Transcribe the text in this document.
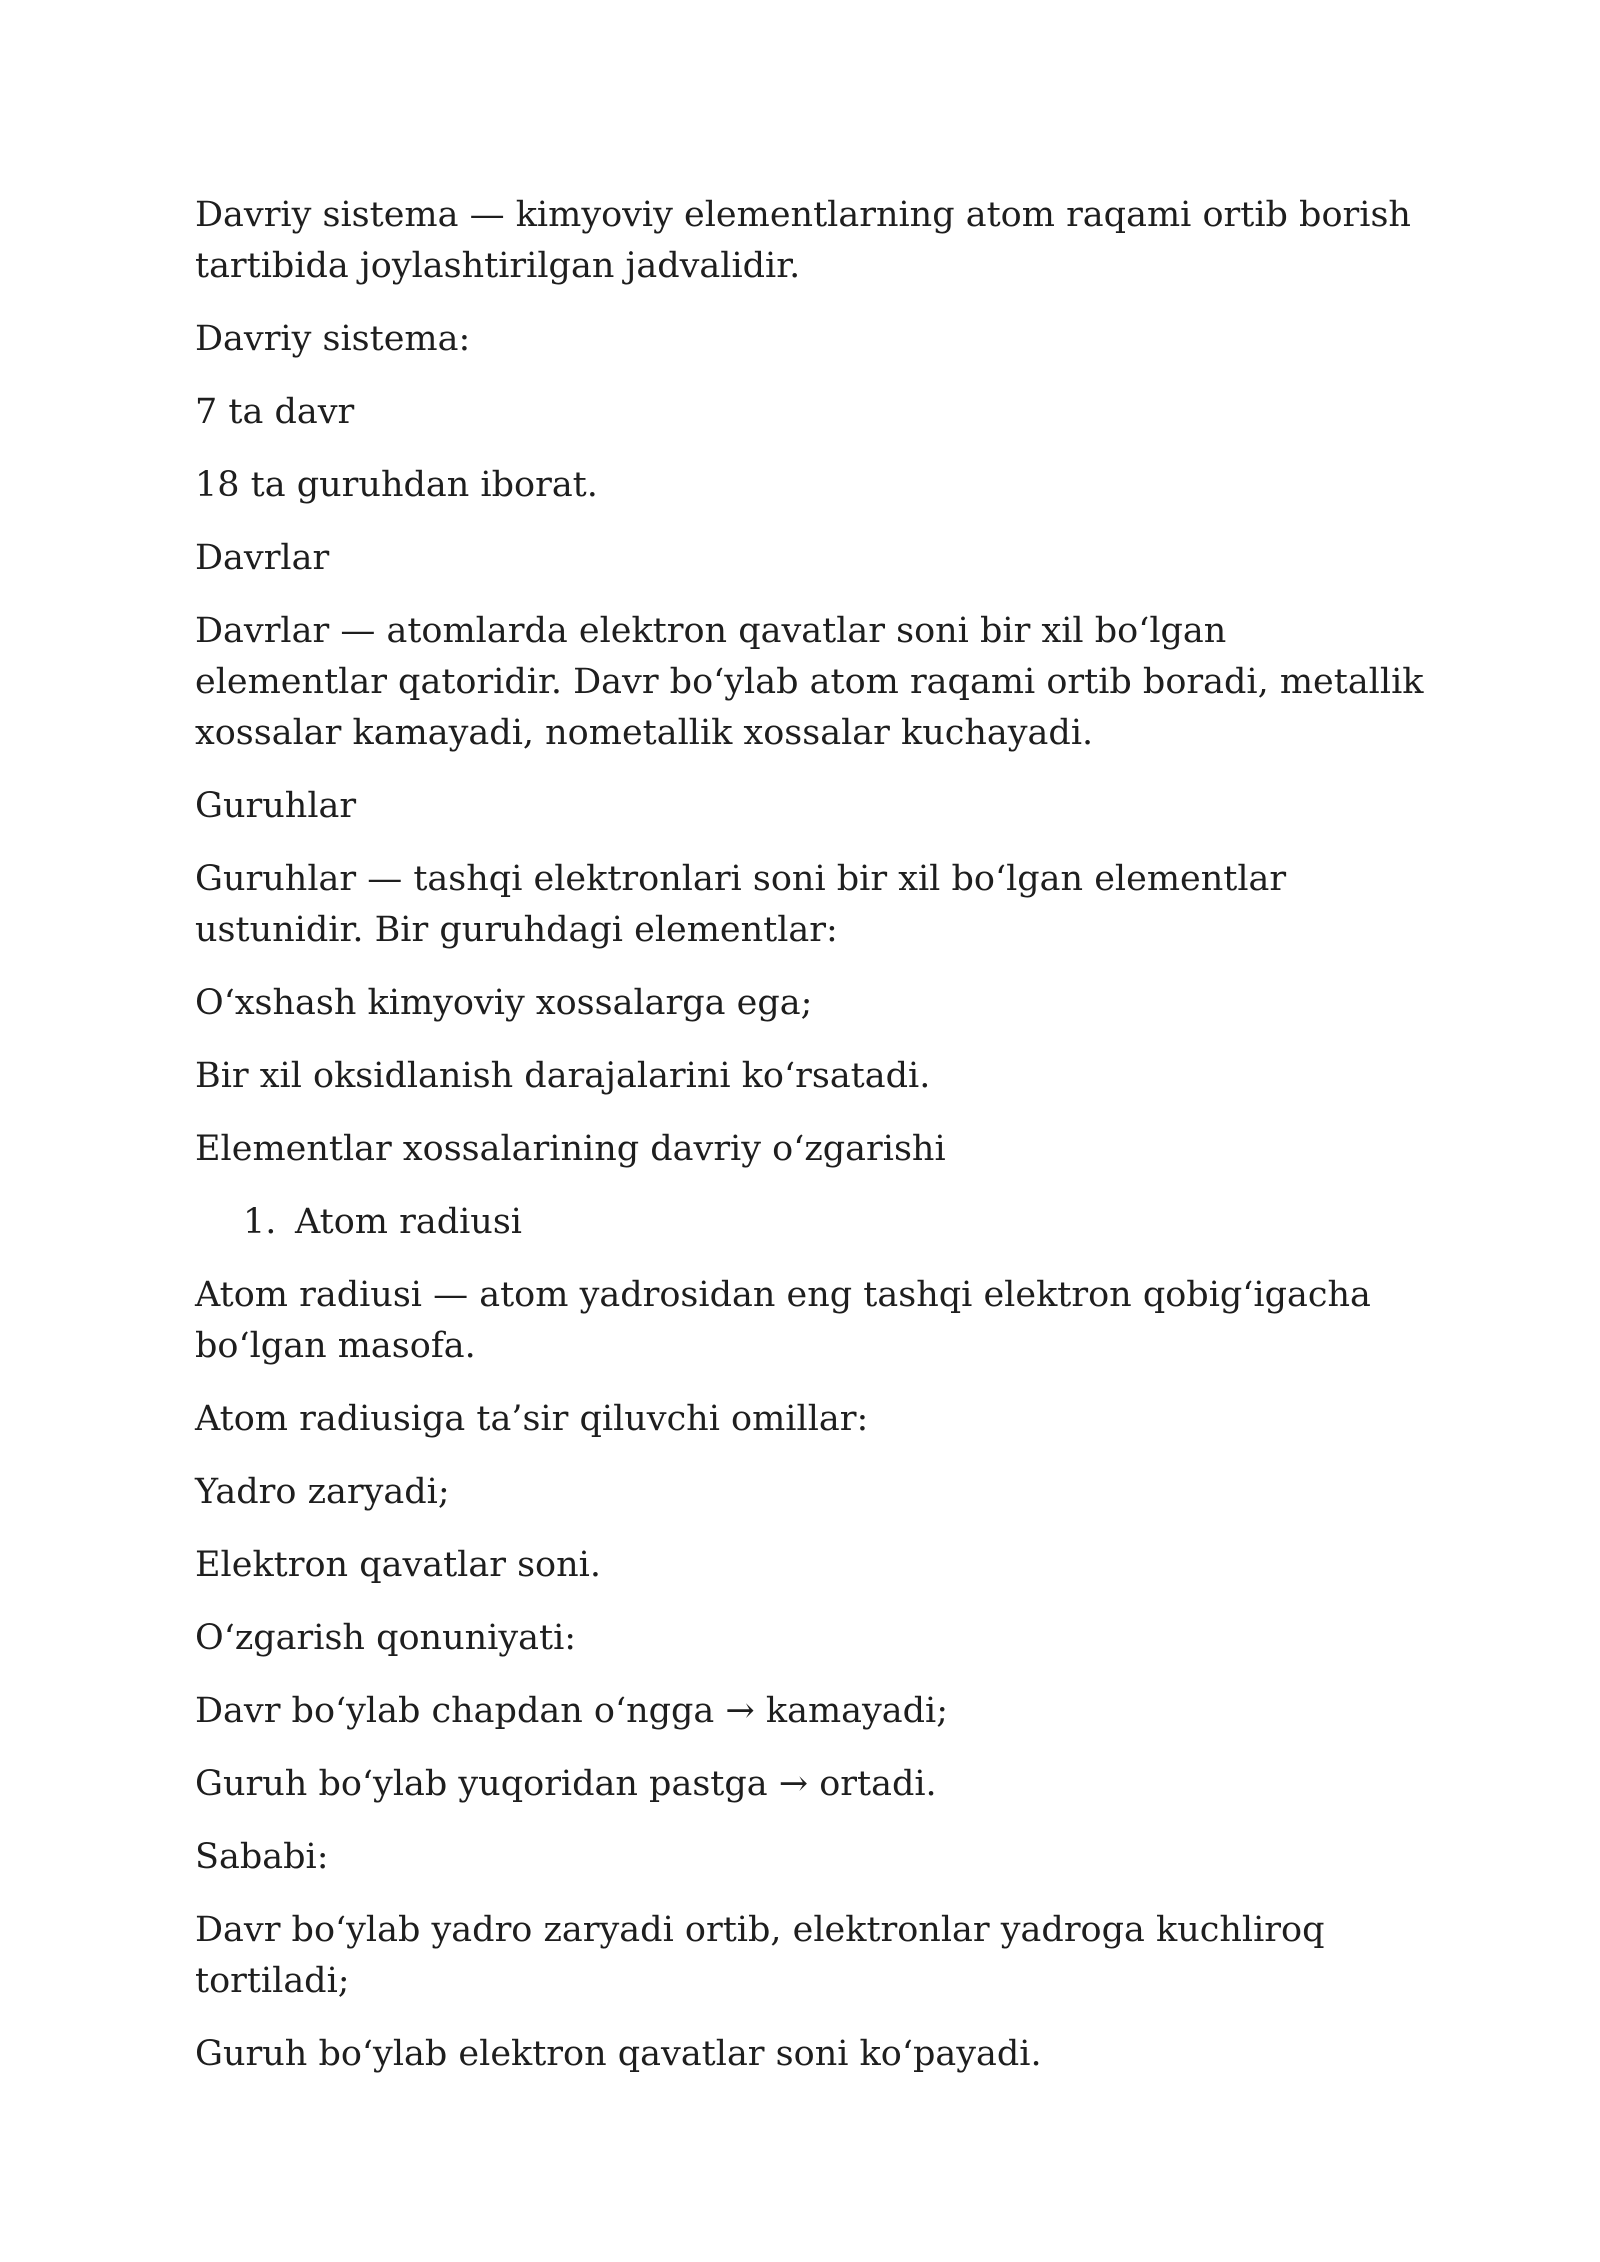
Davriy sistema — kimyoviy elementlarning atom raqami ortib borish tartibida joylashtirilgan jadvalidir.

Davriy sistema:

7 ta davr

18 ta guruhdan iborat.

Davrlar

Davrlar — atomlarda elektron qavatlar soni bir xil bo‘lgan elementlar qatoridir. Davr bo‘ylab atom raqami ortib boradi, metallik xossalar kamayadi, nometallik xossalar kuchayadi.

Guruhlar

Guruhlar — tashqi elektronlari soni bir xil bo‘lgan elementlar ustunidir. Bir guruhdagi elementlar:

O‘xshash kimyoviy xossalarga ega;

Bir xil oksidlanish darajalarini ko‘rsatadi.

Elementlar xossalarining davriy o‘zgarishi

1. Atom radiusi

Atom radiusi — atom yadrosidan eng tashqi elektron qobig‘igacha bo‘lgan masofa.

Atom radiusiga ta’sir qiluvchi omillar:

Yadro zaryadi;

Elektron qavatlar soni.

O‘zgarish qonuniyati:

Davr bo‘ylab chapdan o‘ngga → kamayadi;

Guruh bo‘ylab yuqoridan pastga → ortadi.

Sababi:

Davr bo‘ylab yadro zaryadi ortib, elektronlar yadroga kuchliroq tortiladi;

Guruh bo‘ylab elektron qavatlar soni ko‘payadi.
